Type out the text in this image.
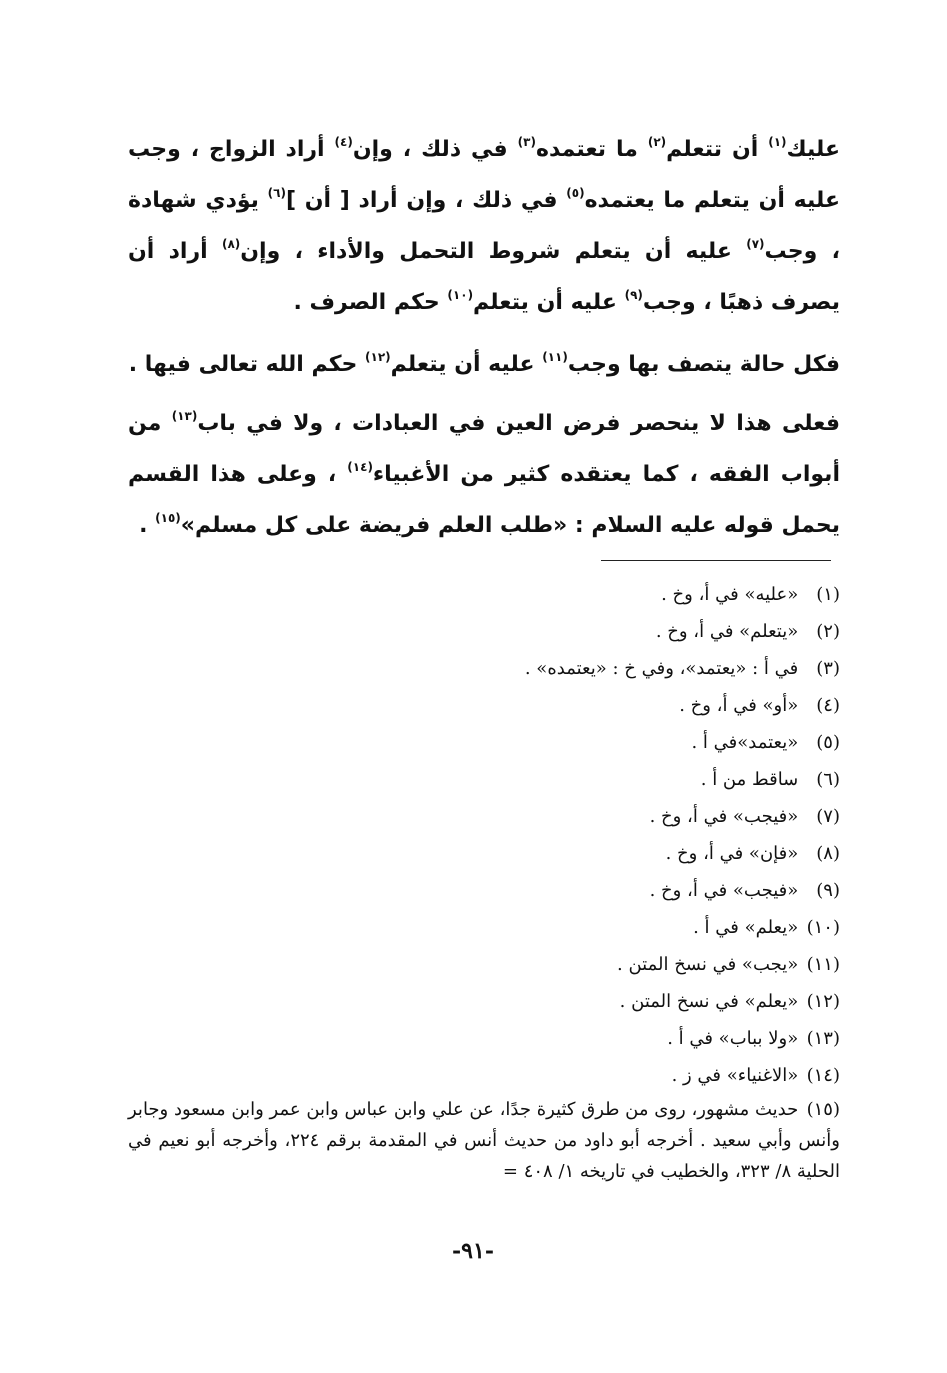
عليك$^{(١)}$ أن تتعلم$^{(٢)}$ ما تعتمده$^{(٣)}$ في ذلك ، وإن$^{(٤)}$ أراد الزواج ، وجب عليه أن يتعلم ما يعتمده$^{(٥)}$ في ذلك ، وإن أراد [ أن ]$^{(٦)}$ يؤدي شهادة ، وجب$^{(٧)}$ عليه أن يتعلم شروط التحمل والأداء ، وإن$^{(٨)}$ أراد أن يصرف ذهبًا ، وجب$^{(٩)}$ عليه أن يتعلم$^{(١٠)}$ حكم الصرف .

فكل حالة يتصف بها وجب$^{(١١)}$ عليه أن يتعلم$^{(١٢)}$ حكم الله تعالى فيها .

فعلى هذا لا ينحصر فرض العين في العبادات ، ولا في باب$^{(١٣)}$ من أبواب الفقه ، كما يعتقده كثير من الأغبياء$^{(١٤)}$ ، وعلى هذا القسم يحمل قوله عليه السلام : «طلب العلم فريضة على كل مسلم»$^{(١٥)}$ .

(١) «عليه» في أ، وخ .
(٢) «يتعلم» في أ، وخ .
(٣) في أ : «يعتمد»، وفي خ : «يعتمده» .
(٤) «أو» في أ، وخ .
(٥) «يعتمد»في أ .
(٦) ساقط من أ .
(٧) «فيجب» في أ، وخ .
(٨) «فإن» في أ، وخ .
(٩) «فيجب» في أ، وخ .
(١٠) «يعلم» في أ .
(١١) «يجب» في نسخ المتن .
(١٢) «يعلم» في نسخ المتن .
(١٣) «ولا بباب» في أ .
(١٤) «الاغنياء» في ز .

(١٥) حديث مشهور، روى من طرق كثيرة جدًا، عن علي وابن عباس وابن عمر وابن مسعود وجابر وأنس وأبي سعيد . أخرجه أبو داود من حديث أنس في المقدمة برقم ٢٢٤، وأخرجه أبو نعيم في الحلية ٨/ ٣٢٣، والخطيب في تاريخه ١/ ٤٠٨ =

-٩١-
